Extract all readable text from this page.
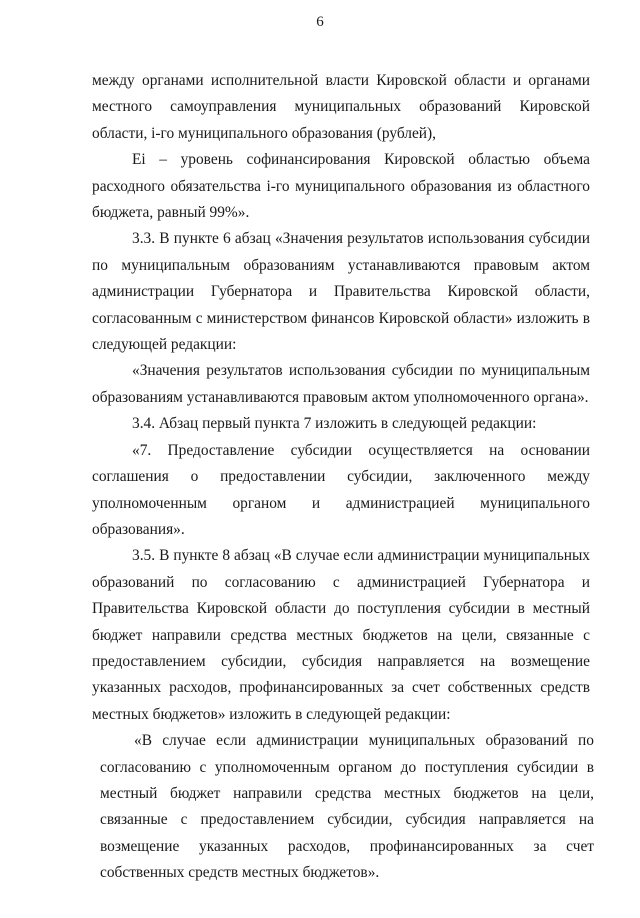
6

между органами исполнительной власти Кировской области и органами местного самоуправления муниципальных образований Кировской области, i-го муниципального образования (рублей),

Ei – уровень софинансирования Кировской областью объема расходного обязательства i-го муниципального образования из областного бюджета, равный 99%».

3.3. В пункте 6 абзац «Значения результатов использования субсидии по муниципальным образованиям устанавливаются правовым актом администрации Губернатора и Правительства Кировской области, согласованным с министерством финансов Кировской области» изложить в следующей редакции:

«Значения результатов использования субсидии по муниципальным образованиям устанавливаются правовым актом уполномоченного органа».

3.4. Абзац первый пункта 7 изложить в следующей редакции:

«7. Предоставление субсидии осуществляется на основании соглашения о предоставлении субсидии, заключенного между уполномоченным органом и администрацией муниципального образования».

3.5. В пункте 8 абзац «В случае если администрации муниципальных образований по согласованию с администрацией Губернатора и Правительства Кировской области до поступления субсидии в местный бюджет направили средства местных бюджетов на цели, связанные с предоставлением субсидии, субсидия направляется на возмещение указанных расходов, профинансированных за счет собственных средств местных бюджетов» изложить в следующей редакции:

«В случае если администрации муниципальных образований по согласованию с уполномоченным органом до поступления субсидии в местный бюджет направили средства местных бюджетов на цели, связанные с предоставлением субсидии, субсидия направляется на возмещение указанных расходов, профинансированных за счет собственных средств местных бюджетов».
